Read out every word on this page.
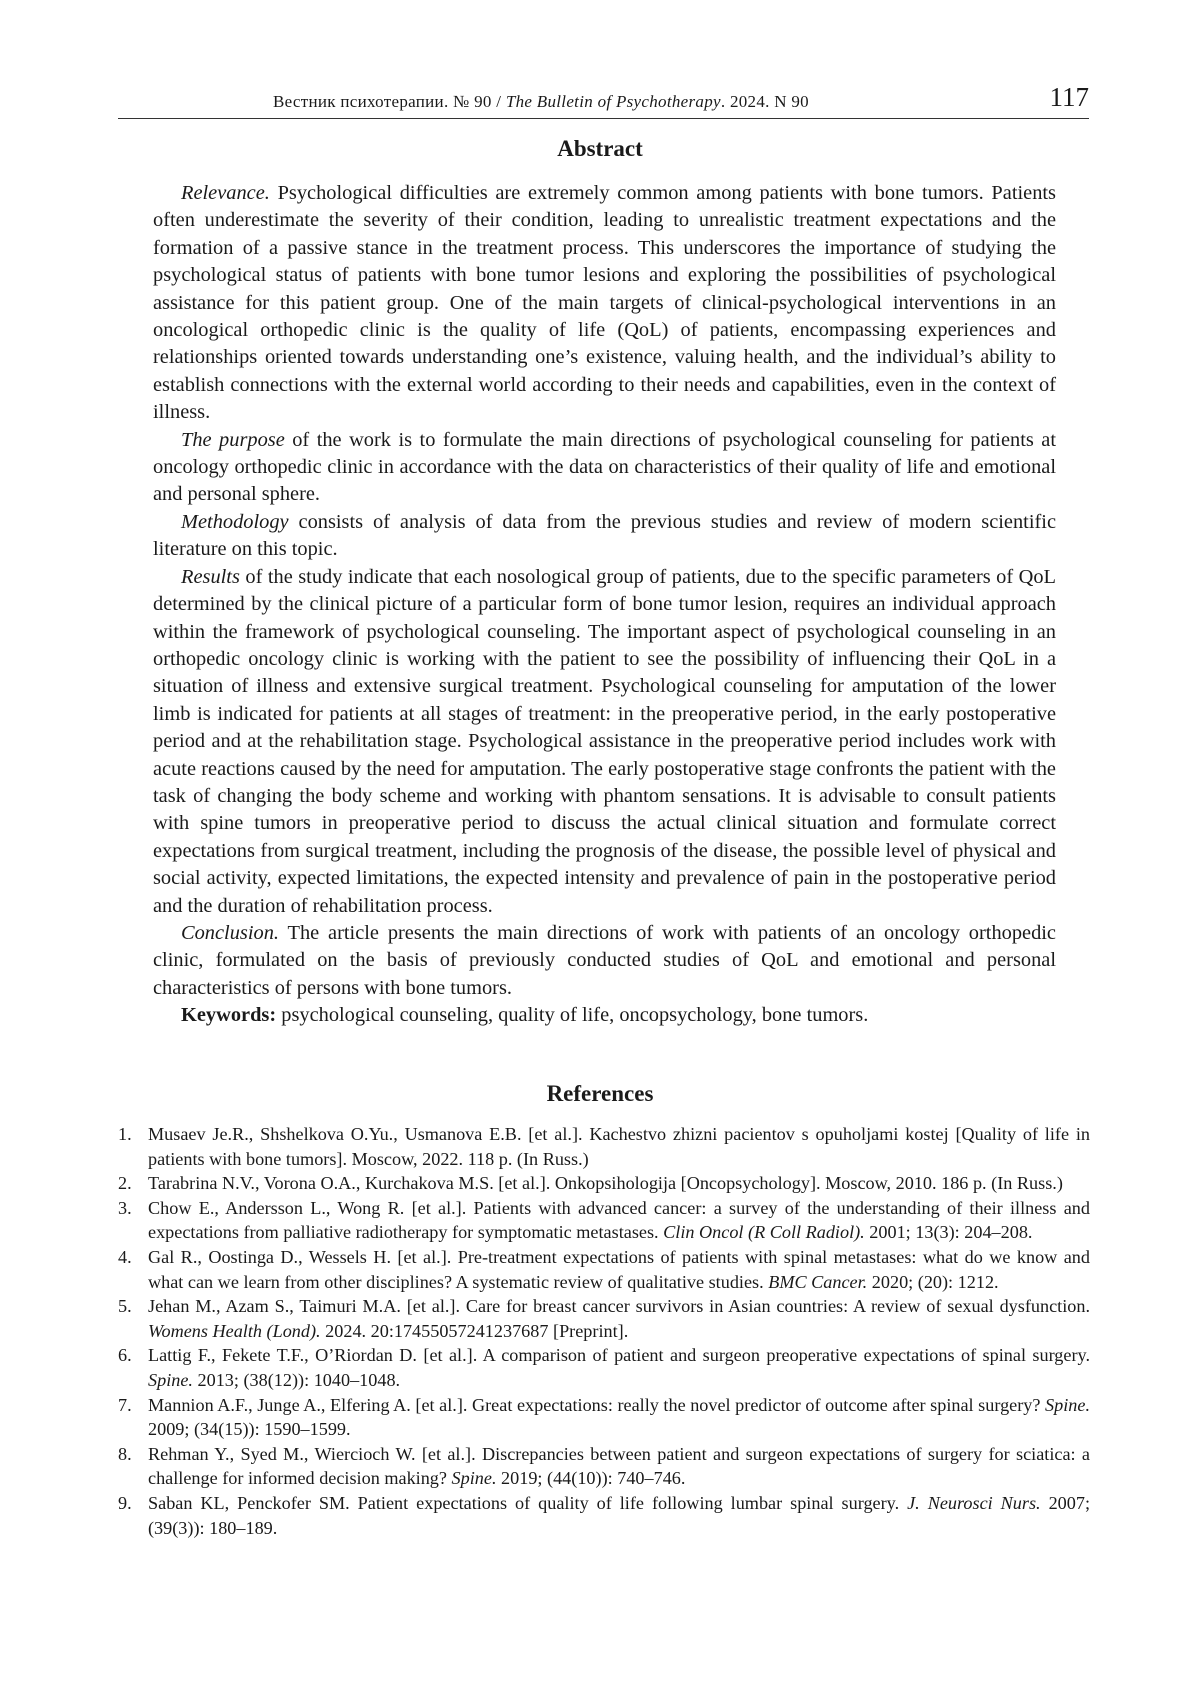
Вестник психотерапии. № 90 / The Bulletin of Psychotherapy. 2024. N 90	117
Abstract

Relevance. Psychological difficulties are extremely common among patients with bone tumors. Patients often underestimate the severity of their condition, leading to unrealistic treatment expectations and the formation of a passive stance in the treatment process. This underscores the importance of studying the psychological status of patients with bone tumor lesions and exploring the possibilities of psychological assistance for this patient group. One of the main targets of clinical-psychological interventions in an oncological orthopedic clinic is the quality of life (QoL) of patients, encompassing experiences and relationships oriented towards understanding one’s existence, valuing health, and the individual’s ability to establish connections with the external world according to their needs and capabilities, even in the context of illness.

The purpose of the work is to formulate the main directions of psychological counseling for patients at oncology orthopedic clinic in accordance with the data on characteristics of their quality of life and emotional and personal sphere.

Methodology consists of analysis of data from the previous studies and review of modern scientific literature on this topic.

Results of the study indicate that each nosological group of patients, due to the specific parameters of QoL determined by the clinical picture of a particular form of bone tumor lesion, requires an individual approach within the framework of psychological counseling. The important aspect of psychological counseling in an orthopedic oncology clinic is working with the patient to see the possibility of influencing their QoL in a situation of illness and extensive surgical treatment. Psychological counseling for amputation of the lower limb is indicated for patients at all stages of treatment: in the preoperative period, in the early postoperative period and at the rehabilitation stage. Psychological assistance in the preoperative period includes work with acute reactions caused by the need for amputation. The early postoperative stage confronts the patient with the task of changing the body scheme and working with phantom sensations. It is advisable to consult patients with spine tumors in preoperative period to discuss the actual clinical situation and formulate correct expectations from surgical treatment, including the prognosis of the disease, the possible level of physical and social activity, expected limitations, the expected intensity and prevalence of pain in the postoperative period and the duration of rehabilitation process.

Conclusion. The article presents the main directions of work with patients of an oncology orthopedic clinic, formulated on the basis of previously conducted studies of QoL and emotional and personal characteristics of persons with bone tumors.

Keywords: psychological counseling, quality of life, oncopsychology, bone tumors.

References
1. Musaev Je.R., Shshelkova O.Yu., Usmanova E.B. [et al.]. Kachestvo zhizni pacientov s opuholjami kostej [Quality of life in patients with bone tumors]. Moscow, 2022. 118 p. (In Russ.)
2. Tarabrina N.V., Vorona O.A., Kurchakova M.S. [et al.]. Onkopsihologija [Oncopsychology]. Moscow, 2010. 186 p. (In Russ.)
3. Chow E., Andersson L., Wong R. [et al.]. Patients with advanced cancer: a survey of the understanding of their illness and expectations from palliative radiotherapy for symptomatic metastases. Clin Oncol (R Coll Radiol). 2001; 13(3): 204–208.
4. Gal R., Oostinga D., Wessels H. [et al.]. Pre-treatment expectations of patients with spinal metastases: what do we know and what can we learn from other disciplines? A systematic review of qualitative studies. BMC Cancer. 2020; (20): 1212.
5. Jehan M., Azam S., Taimuri M.A. [et al.]. Care for breast cancer survivors in Asian countries: A review of sexual dysfunction. Womens Health (Lond). 2024. 20:17455057241237687 [Preprint].
6. Lattig F., Fekete T.F., O’Riordan D. [et al.]. A comparison of patient and surgeon preoperative expectations of spinal surgery. Spine. 2013; (38(12)): 1040–1048.
7. Mannion A.F., Junge A., Elfering A. [et al.]. Great expectations: really the novel predictor of outcome after spinal surgery? Spine. 2009; (34(15)): 1590–1599.
8. Rehman Y., Syed M., Wiercioch W. [et al.]. Discrepancies between patient and surgeon expectations of surgery for sciatica: a challenge for informed decision making? Spine. 2019; (44(10)): 740–746.
9. Saban KL, Penckofer SM. Patient expectations of quality of life following lumbar spinal surgery. J. Neurosci Nurs. 2007; (39(3)): 180–189.
